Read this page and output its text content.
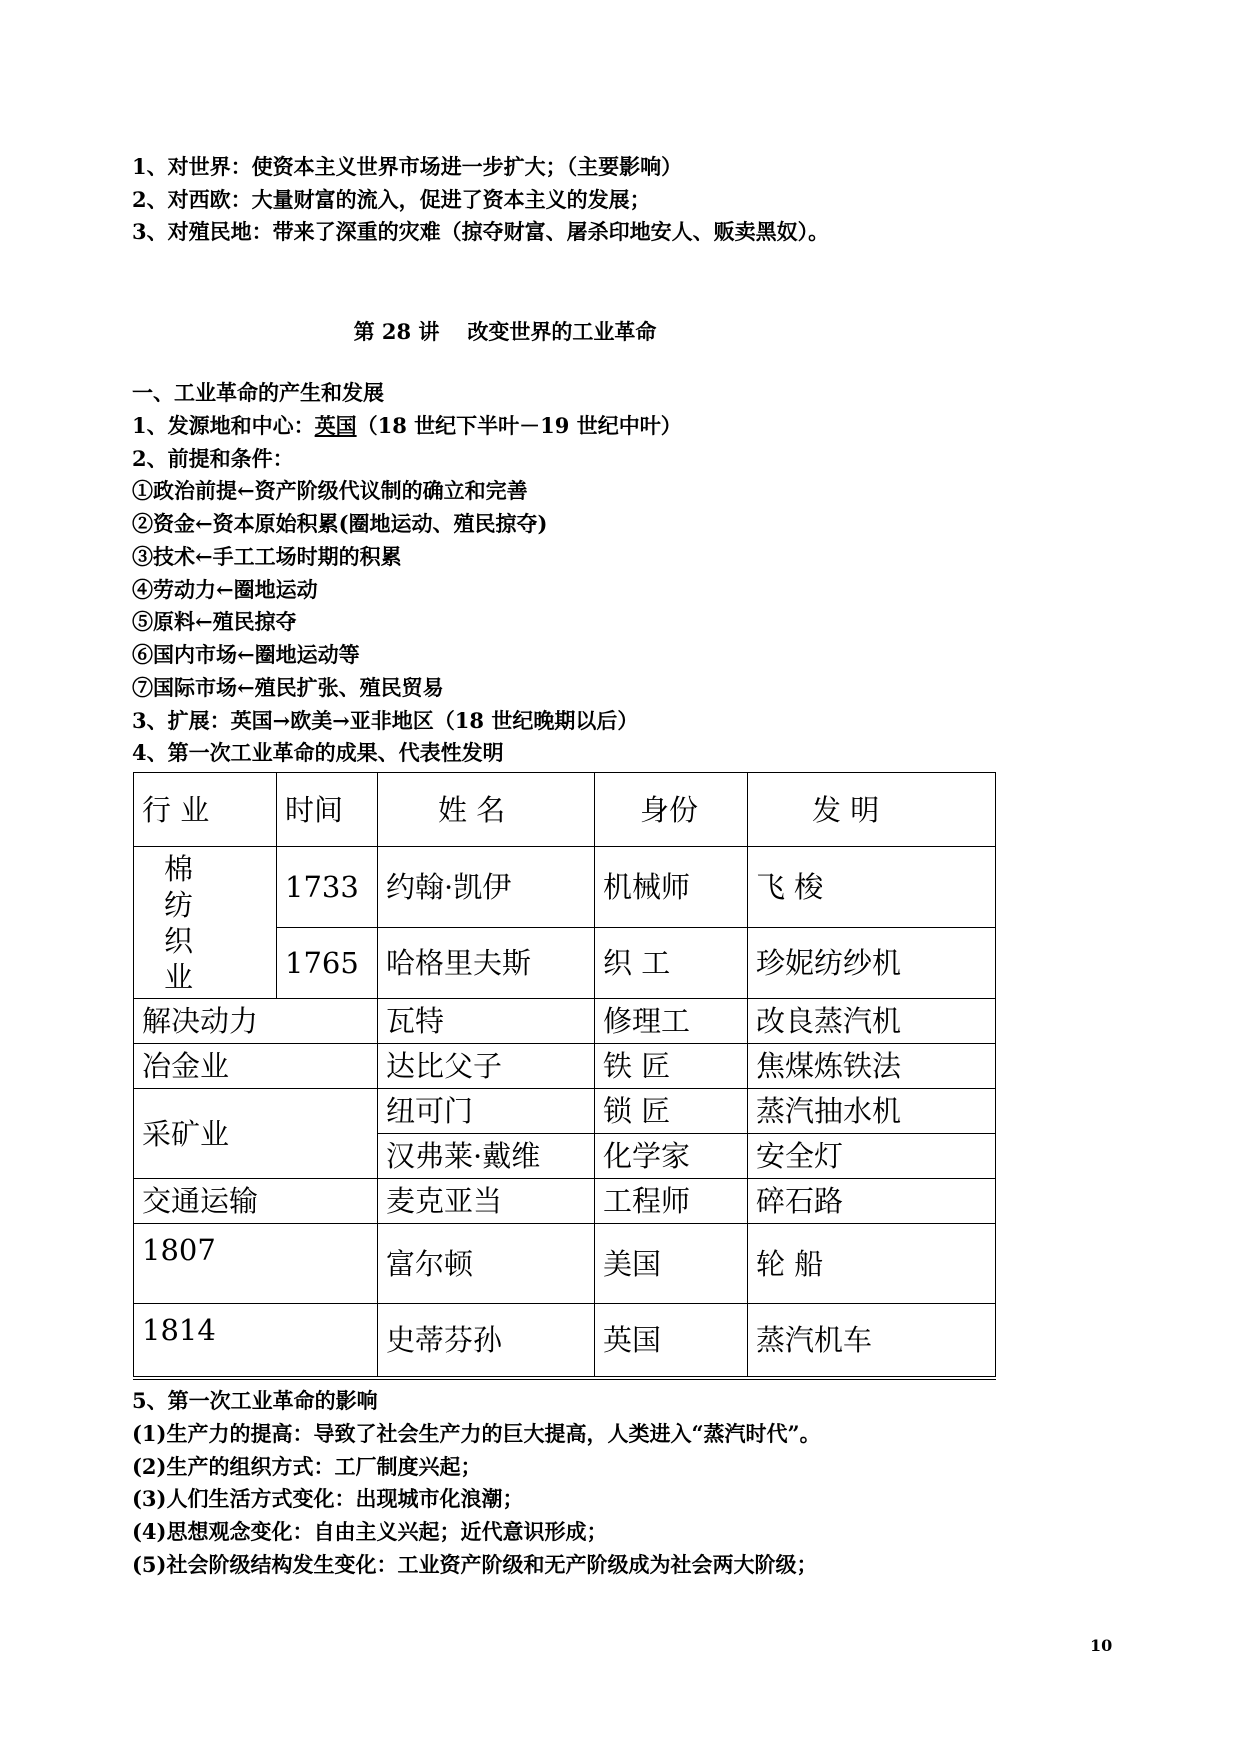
1、对世界：使资本主义世界市场进一步扩大；（主要影响）
2、对西欧：大量财富的流入，促进了资本主义的发展；
3、对殖民地：带来了深重的灾难（掠夺财富、屠杀印地安人、贩卖黑奴）。
第 28 讲 改变世界的工业革命
一、工业革命的产生和发展
1、发源地和中心：英国（18 世纪下半叶－19 世纪中叶）
2、前提和条件：
①政治前提←资产阶级代议制的确立和完善
②资金←资本原始积累(圈地运动、殖民掠夺)
③技术←手工工场时期的积累
④劳动力←圈地运动
⑤原料←殖民掠夺
⑥国内市场←圈地运动等
⑦国际市场←殖民扩张、殖民贸易
3、扩展：英国→欧美→亚非地区（18 世纪晚期以后）
4、第一次工业革命的成果、代表性发明
行 业	时间	姓 名	身份	发 明

棉纺织业	1733	约翰·凯伊	机械师	飞 梭
	1765	哈格里夫斯	织 工	珍妮纺纱机
解决动力		瓦特	修理工	改良蒸汽机
冶金业		达比父子	铁 匠	焦煤炼铁法
采矿业		纽可门	锁 匠	蒸汽抽水机
		汉弗莱·戴维	化学家	安全灯
交通运输		麦克亚当	工程师	碎石路
1807		富尔顿	美国	轮 船
1814		史蒂芬孙	英国	蒸汽机车
5、第一次工业革命的影响
(1)生产力的提高：导致了社会生产力的巨大提高，人类进入“蒸汽时代”。
(2)生产的组织方式：工厂制度兴起；
(3)人们生活方式变化：出现城市化浪潮；
(4)思想观念变化：自由主义兴起；近代意识形成；
(5)社会阶级结构发生变化：工业资产阶级和无产阶级成为社会两大阶级；
10
